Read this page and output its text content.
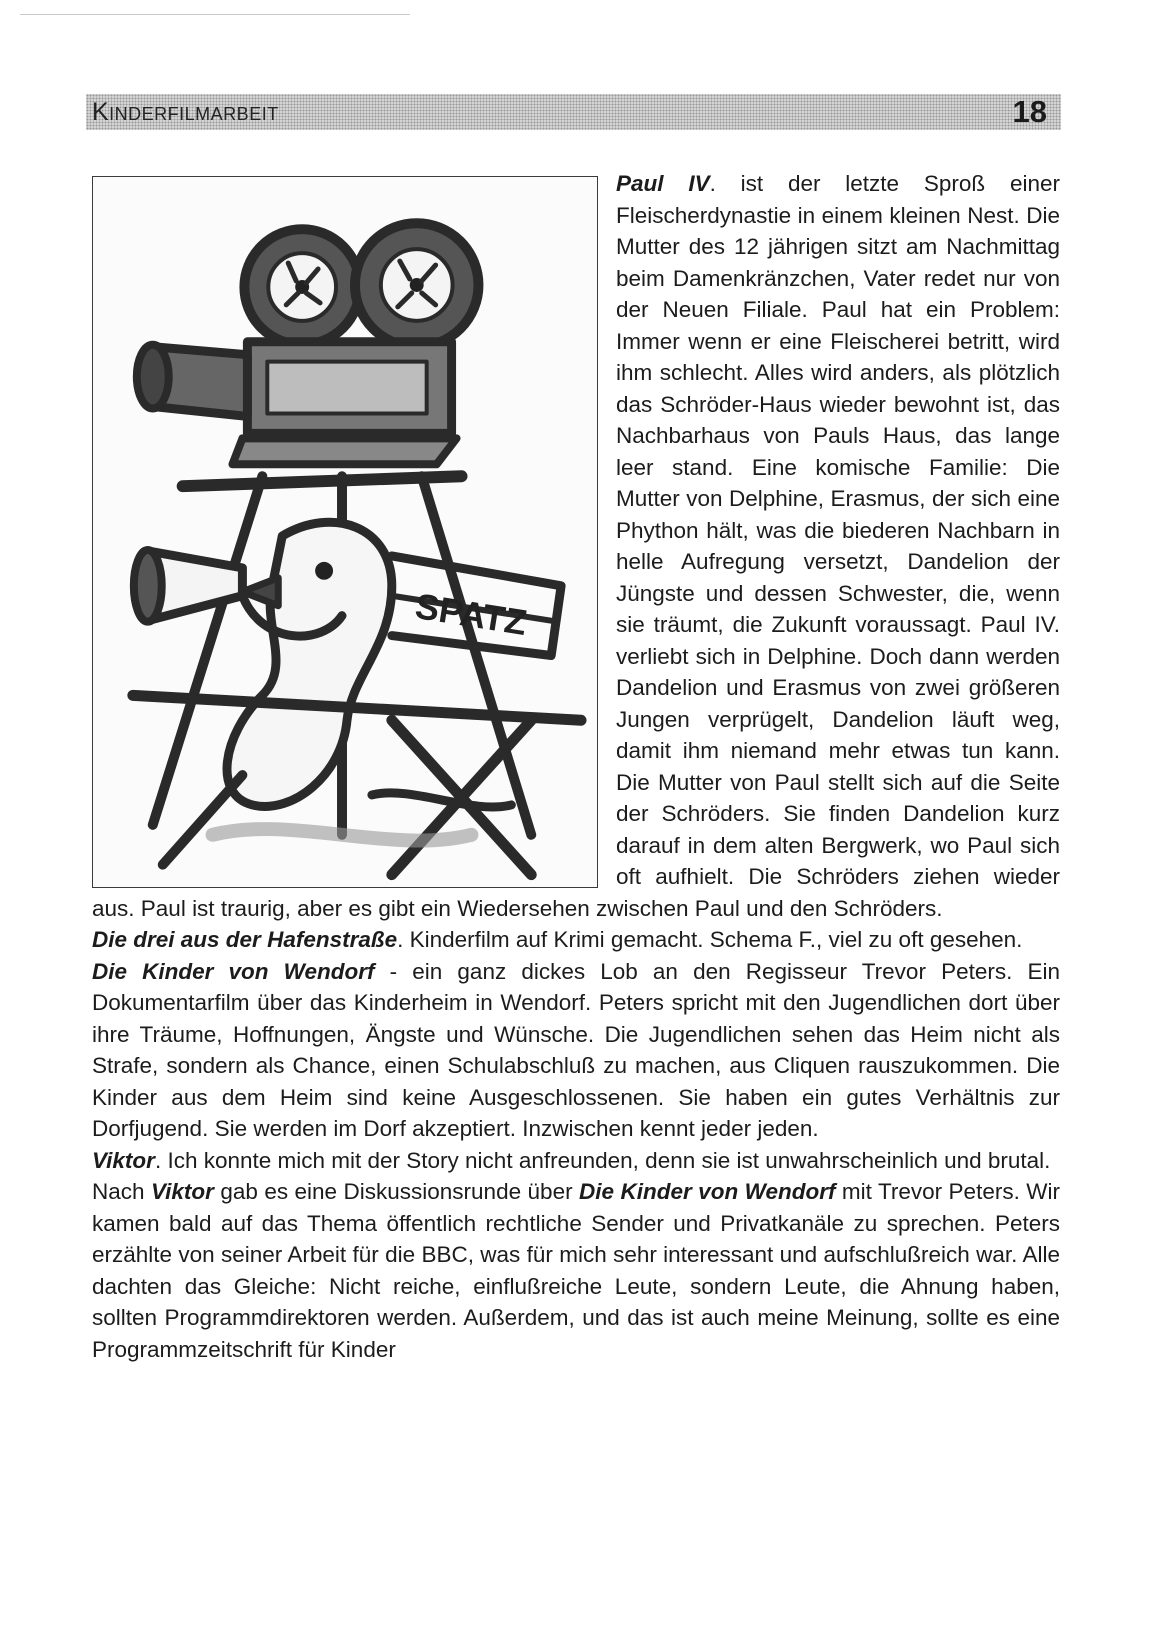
Kinderfilmarbeit	18
SPATZ

Paul IV. ist der letzte Sproß einer Fleischerdynastie in einem kleinen Nest. Die Mutter des 12 jährigen sitzt am Nachmittag beim Damenkränzchen, Vater redet nur von der Neuen Filiale. Paul hat ein Problem: Immer wenn er eine Fleischerei betritt, wird ihm schlecht. Alles wird anders, als plötzlich das Schröder-Haus wieder bewohnt ist, das Nachbarhaus von Pauls Haus, das lange leer stand. Eine komische Familie: Die Mutter von Delphine, Erasmus, der sich eine Phython hält, was die biederen Nachbarn in helle Aufregung versetzt, Dandelion der Jüngste und dessen Schwester, die, wenn sie träumt, die Zukunft voraussagt. Paul IV. verliebt sich in Delphine. Doch dann werden Dandelion und Erasmus von zwei größeren Jungen verprügelt, Dandelion läuft weg, damit ihm niemand mehr etwas tun kann. Die Mutter von Paul stellt sich auf die Seite der Schröders. Sie finden Dandelion kurz darauf in dem alten Bergwerk, wo Paul sich oft aufhielt. Die Schröders ziehen wieder aus. Paul ist traurig, aber es gibt ein Wiedersehen zwischen Paul und den Schröders.

Die drei aus der Hafenstraße. Kinderfilm auf Krimi gemacht. Schema F., viel zu oft gesehen.

Die Kinder von Wendorf - ein ganz dickes Lob an den Regisseur Trevor Peters. Ein Dokumentarfilm über das Kinderheim in Wendorf. Peters spricht mit den Jugendlichen dort über ihre Träume, Hoffnungen, Ängste und Wünsche. Die Jugendlichen sehen das Heim nicht als Strafe, sondern als Chance, einen Schulabschluß zu machen, aus Cliquen rauszukommen. Die Kinder aus dem Heim sind keine Ausgeschlossenen. Sie haben ein gutes Verhältnis zur Dorfjugend. Sie werden im Dorf akzeptiert. Inzwischen kennt jeder jeden.

Viktor. Ich konnte mich mit der Story nicht anfreunden, denn sie ist unwahrscheinlich und brutal.

Nach Viktor gab es eine Diskussionsrunde über Die Kinder von Wendorf mit Trevor Peters. Wir kamen bald auf das Thema öffentlich rechtliche Sender und Privatkanäle zu sprechen. Peters erzählte von seiner Arbeit für die BBC, was für mich sehr interessant und aufschlußreich war. Alle dachten das Gleiche: Nicht reiche, einflußreiche Leute, sondern Leute, die Ahnung haben, sollten Programmdirektoren werden. Außerdem, und das ist auch meine Meinung, sollte es eine Programmzeitschrift für Kinder
